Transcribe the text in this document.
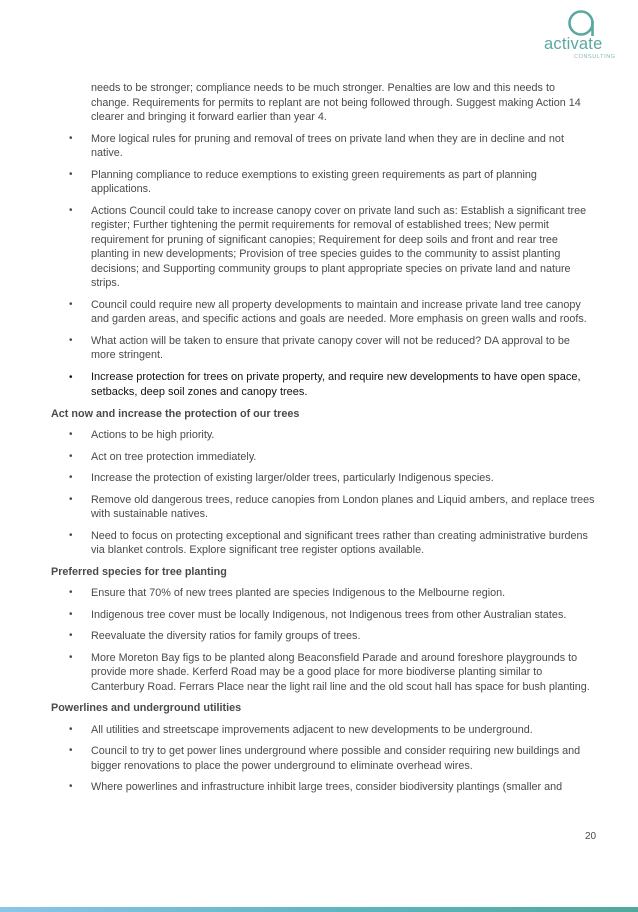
activate
CONSULTING
needs to be stronger; compliance needs to be much stronger. Penalties are low and this needs to change. Requirements for permits to replant are not being followed through. Suggest making Action 14 clearer and bringing it forward earlier than year 4.
• More logical rules for pruning and removal of trees on private land when they are in decline and not native.
• Planning compliance to reduce exemptions to existing green requirements as part of planning applications.
• Actions Council could take to increase canopy cover on private land such as: Establish a significant tree register; Further tightening the permit requirements for removal of established trees; New permit requirement for pruning of significant canopies; Requirement for deep soils and front and rear tree planting in new developments; Provision of tree species guides to the community to assist planting decisions; and Supporting community groups to plant appropriate species on private land and nature strips.
• Council could require new all property developments to maintain and increase private land tree canopy and garden areas, and specific actions and goals are needed. More emphasis on green walls and roofs.
• What action will be taken to ensure that private canopy cover will not be reduced? DA approval to be more stringent.
• Increase protection for trees on private property, and require new developments to have open space, setbacks, deep soil zones and canopy trees.
Act now and increase the protection of our trees
• Actions to be high priority.
• Act on tree protection immediately.
• Increase the protection of existing larger/older trees, particularly Indigenous species.
• Remove old dangerous trees, reduce canopies from London planes and Liquid ambers, and replace trees with sustainable natives.
• Need to focus on protecting exceptional and significant trees rather than creating administrative burdens via blanket controls. Explore significant tree register options available.
Preferred species for tree planting
• Ensure that 70% of new trees planted are species Indigenous to the Melbourne region.
• Indigenous tree cover must be locally Indigenous, not Indigenous trees from other Australian states.
• Reevaluate the diversity ratios for family groups of trees.
• More Moreton Bay figs to be planted along Beaconsfield Parade and around foreshore playgrounds to provide more shade. Kerferd Road may be a good place for more biodiverse planting similar to Canterbury Road. Ferrars Place near the light rail line and the old scout hall has space for bush planting.
Powerlines and underground utilities
• All utilities and streetscape improvements adjacent to new developments to be underground.
• Council to try to get power lines underground where possible and consider requiring new buildings and bigger renovations to place the power underground to eliminate overhead wires.
• Where powerlines and infrastructure inhibit large trees, consider biodiversity plantings (smaller and
20
